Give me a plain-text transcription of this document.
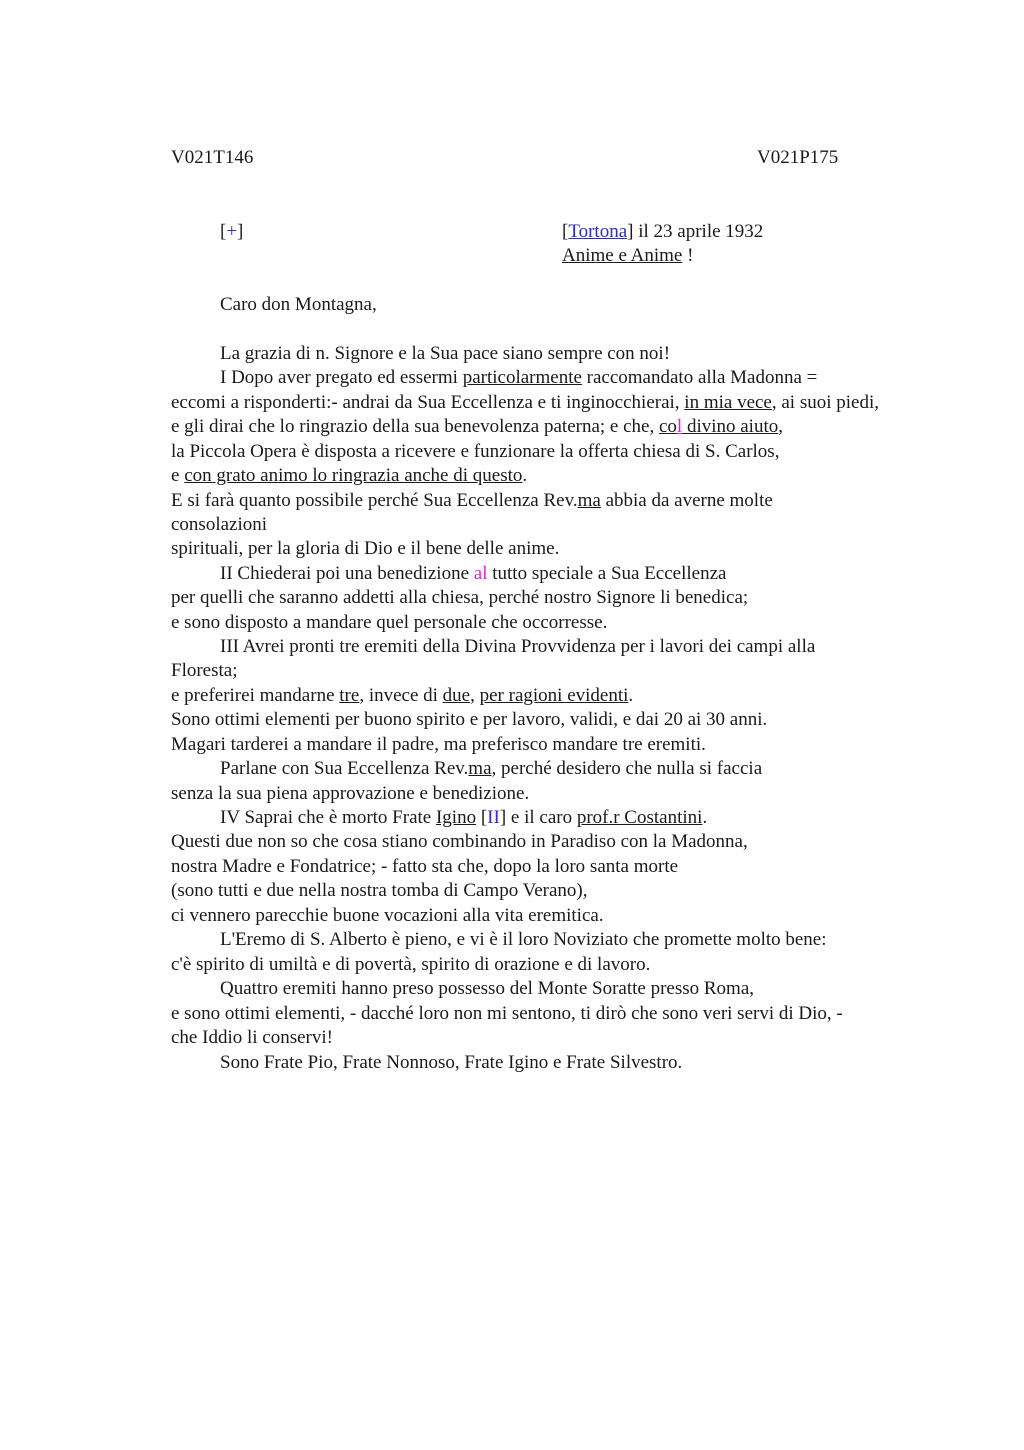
V021T146	V021P175
[+]	[Tortona] il 23 aprile 1932
Anime e Anime !
Caro don Montagna,
La grazia di n. Signore e la Sua pace siano sempre con noi!
I Dopo aver pregato ed essermi particolarmente raccomandato alla Madonna =
eccomi a risponderti:- andrai da Sua Eccellenza e ti inginocchierai, in mia vece, ai suoi piedi,
e gli dirai che lo ringrazio della sua benevolenza paterna; e che, col divino aiuto,
la Piccola Opera è disposta a ricevere e funzionare la offerta chiesa di S. Carlos,
e con grato animo lo ringrazia anche di questo.
E si farà quanto possibile perché Sua Eccellenza Rev.ma abbia da averne molte
consolazioni
spirituali, per la gloria di Dio e il bene delle anime.
II Chiederai poi una benedizione al tutto speciale a Sua Eccellenza
per quelli che saranno addetti alla chiesa, perché nostro Signore li benedica;
e sono disposto a mandare quel personale che occorresse.
III Avrei pronti tre eremiti della Divina Provvidenza per i lavori dei campi alla
Floresta;
e preferirei mandarne tre, invece di due, per ragioni evidenti.
Sono ottimi elementi per buono spirito e per lavoro, validi, e dai 20 ai 30 anni.
Magari tarderei a mandare il padre, ma preferisco mandare tre eremiti.
Parlane con Sua Eccellenza Rev.ma, perché desidero che nulla si faccia
senza la sua piena approvazione e benedizione.
IV Saprai che è morto Frate Igino [II] e il caro prof.r Costantini.
Questi due non so che cosa stiano combinando in Paradiso con la Madonna,
nostra Madre e Fondatrice; - fatto sta che, dopo la loro santa morte
(sono tutti e due nella nostra tomba di Campo Verano),
ci vennero parecchie buone vocazioni alla vita eremitica.
L'Eremo di S. Alberto è pieno, e vi è il loro Noviziato che promette molto bene:
c'è spirito di umiltà e di povertà, spirito di orazione e di lavoro.
Quattro eremiti hanno preso possesso del Monte Soratte presso Roma,
e sono ottimi elementi, - dacché loro non mi sentono, ti dirò che sono veri servi di Dio, -
che Iddio li conservi!
Sono Frate Pio, Frate Nonnoso, Frate Igino e Frate Silvestro.
